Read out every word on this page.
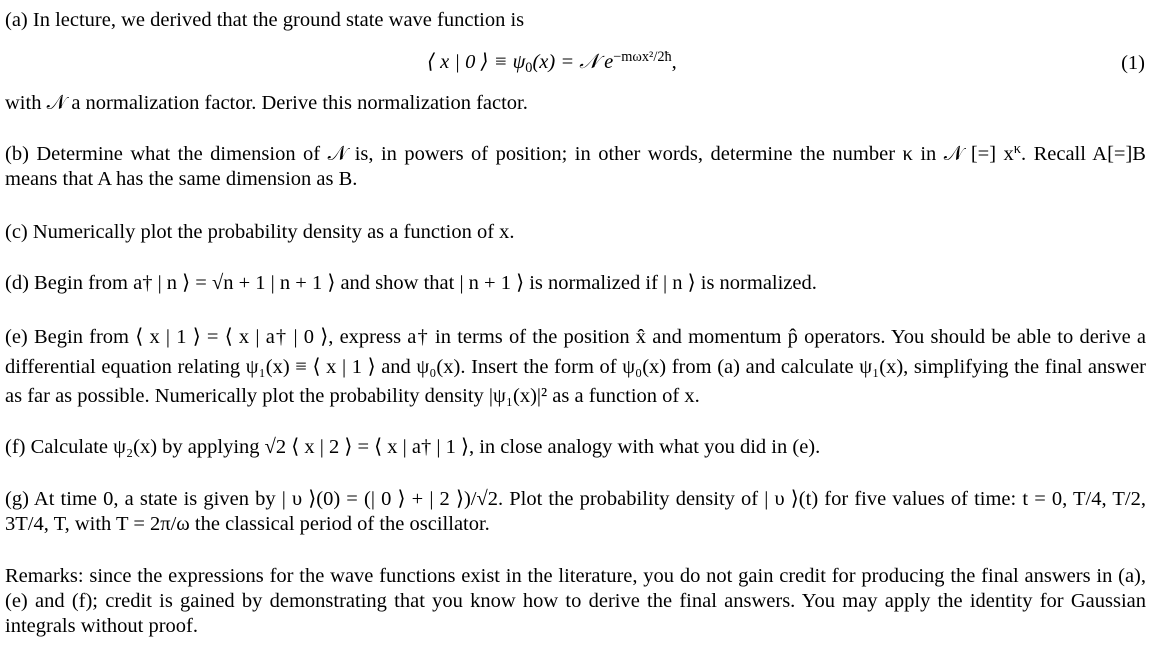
(a) In lecture, we derived that the ground state wave function is

⟨ x | 0 ⟩ ≡ $\psi_0(x)$ = 𝒩 $e^{-m\omega x^2/2ħ}$,	(1)

with 𝒩 a normalization factor. Derive this normalization factor.

(b) Determine what the dimension of 𝒩 is, in powers of position; in other words, determine the number κ in 𝒩 [=] $x^\kappa$. Recall A[=]B means that A has the same dimension as B.

(c) Numerically plot the probability density as a function of x.

(d) Begin from a† | n ⟩ = √n + 1 | n + 1 ⟩ and show that | n + 1 ⟩ is normalized if | n ⟩ is normalized.

(e) Begin from ⟨ x | 1 ⟩ = ⟨ x | a† | 0 ⟩, express a† in terms of the position x̂ and momentum p̂ operators. You should be able to derive a differential equation relating ψ₁(x) ≡ ⟨ x | 1 ⟩ and ψ₀(x). Insert the form of ψ₀(x) from (a) and calculate ψ₁(x), simplifying the final answer as far as possible. Numerically plot the probability density |ψ₁(x)|² as a function of x.

(f) Calculate ψ₂(x) by applying √2 ⟨ x | 2 ⟩ = ⟨ x | a† | 1 ⟩, in close analogy with what you did in (e).

(g) At time 0, a state is given by | υ ⟩(0) = (| 0 ⟩ + | 2 ⟩)/√2. Plot the probability density of | υ ⟩(t) for five values of time: t = 0, T/4, T/2, 3T/4, T, with T = 2π/ω the classical period of the oscillator.

Remarks: since the expressions for the wave functions exist in the literature, you do not gain credit for producing the final answers in (a), (e) and (f); credit is gained by demonstrating that you know how to derive the final answers. You may apply the identity for Gaussian integrals without proof.
